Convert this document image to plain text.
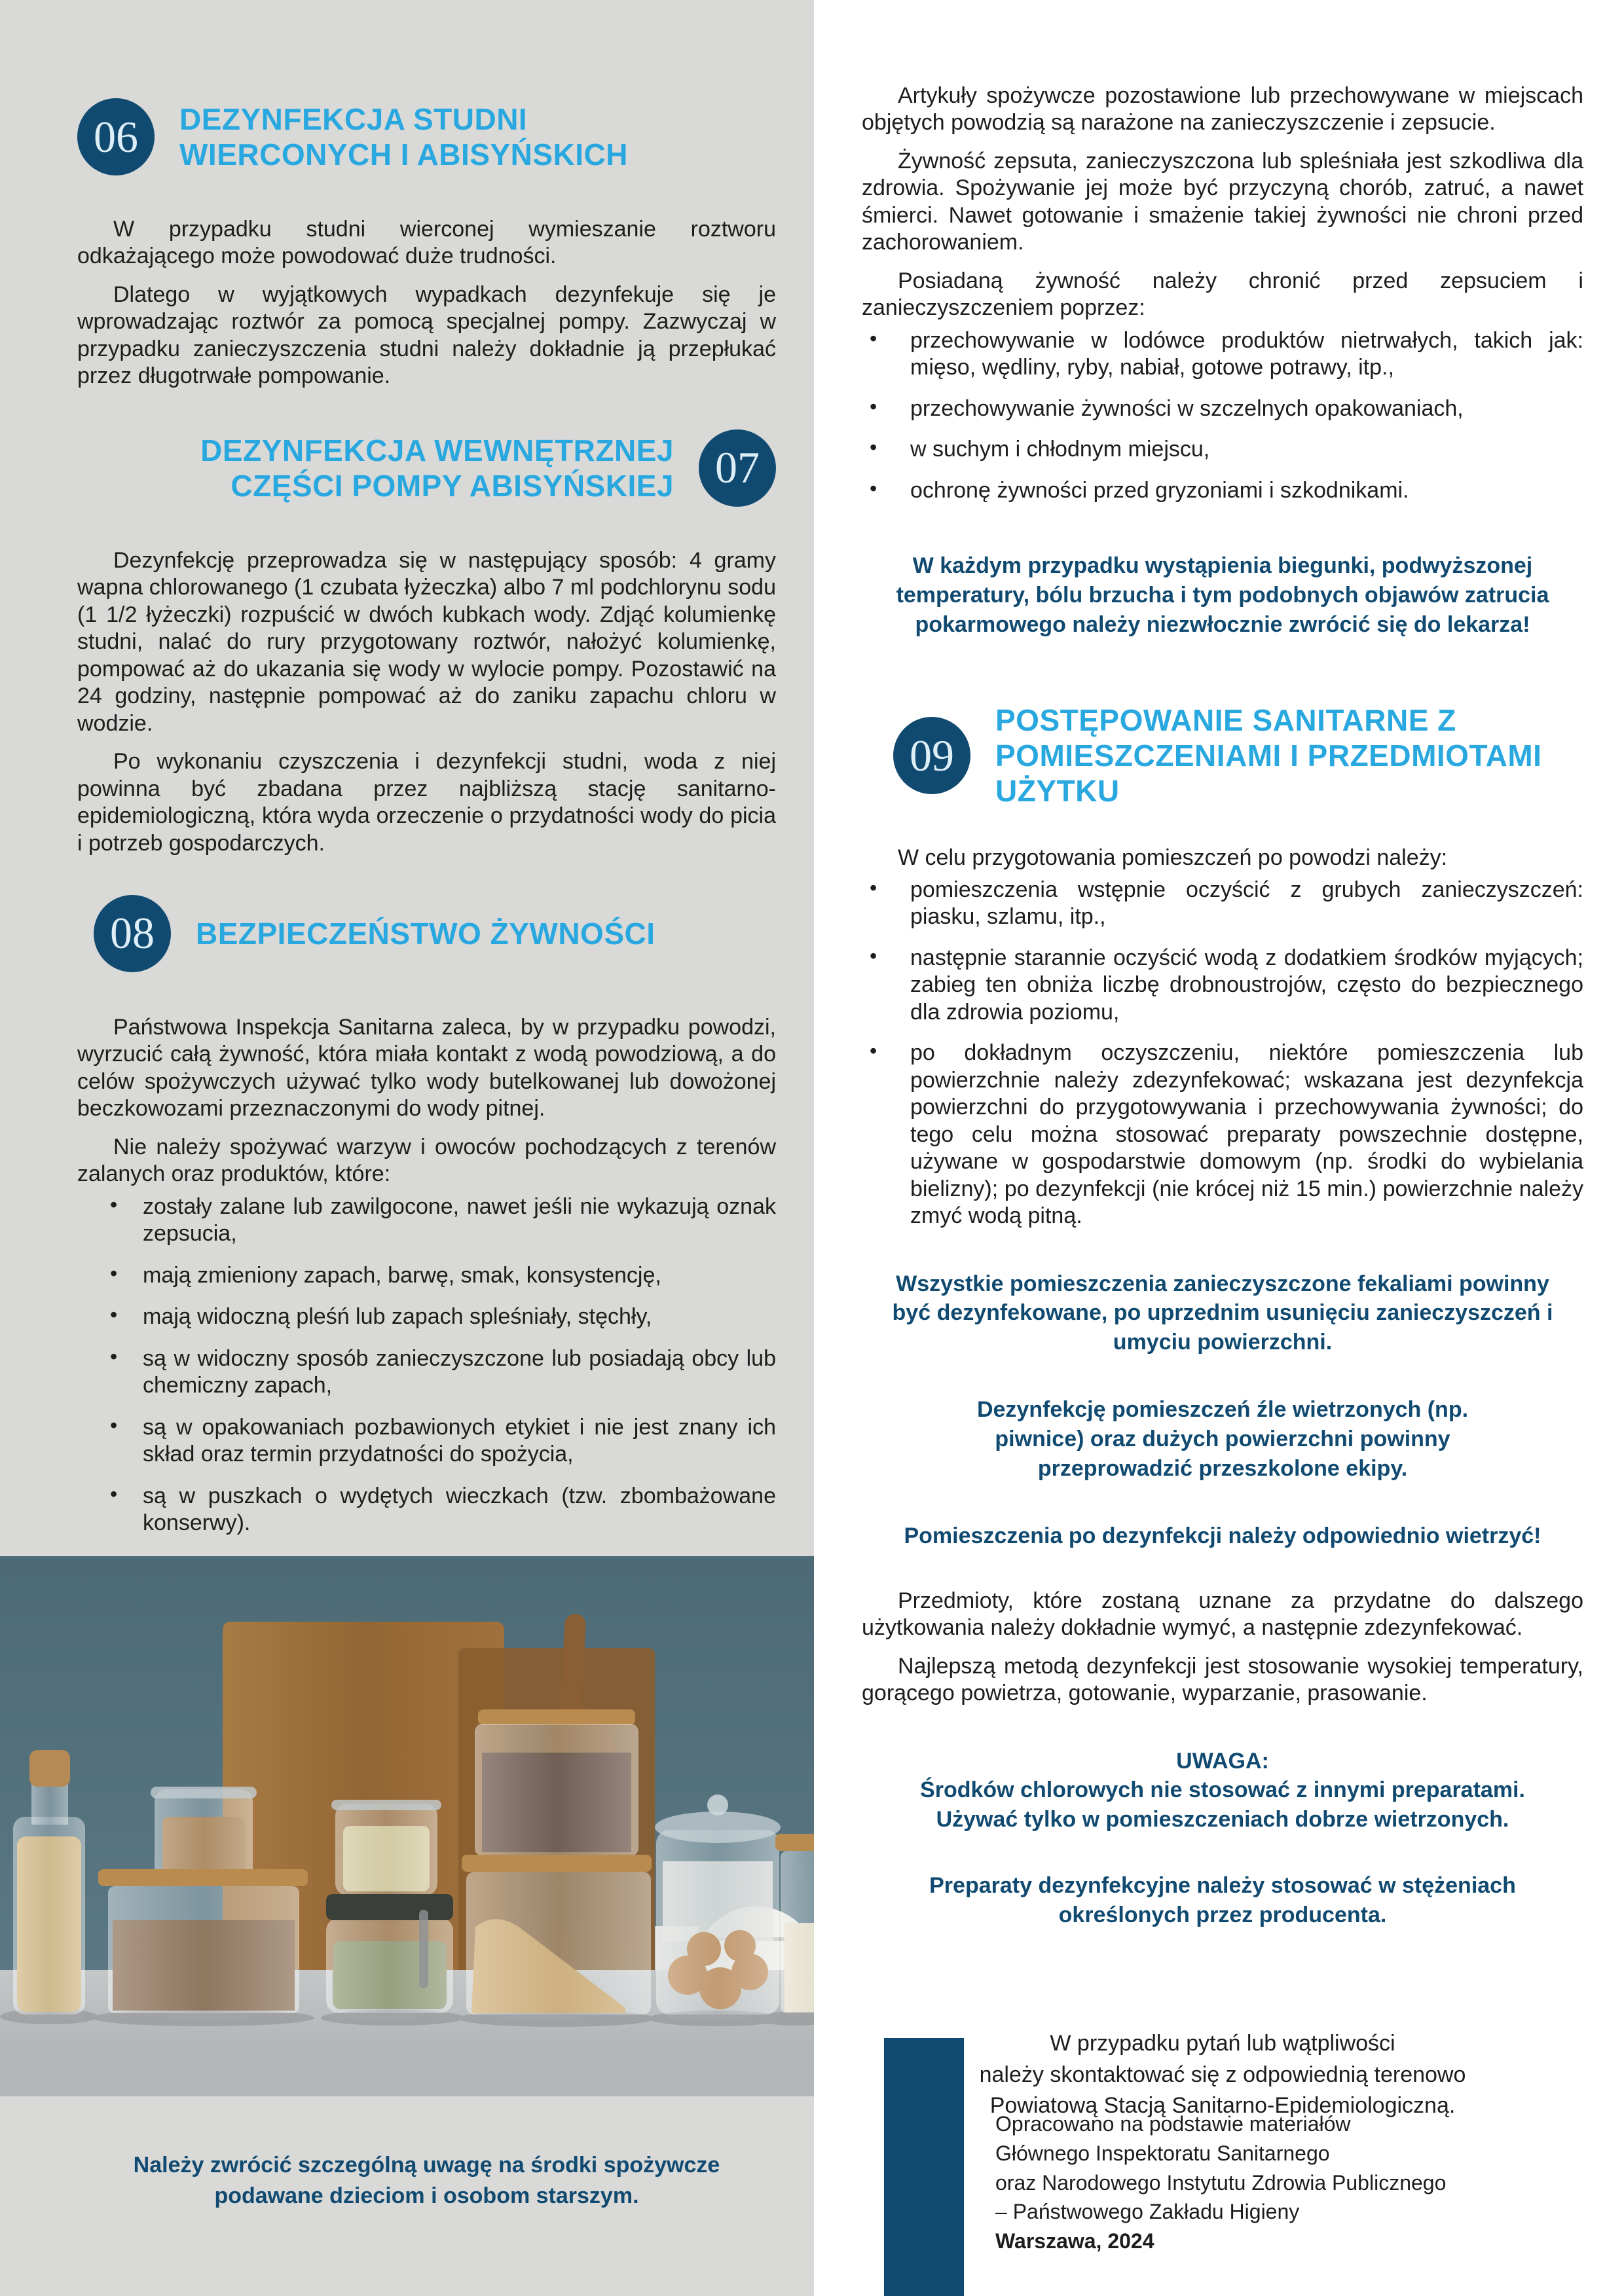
06 DEZYNFEKCJA STUDNI WIERCONYCH I ABISYŃSKICH

W przypadku studni wierconej wymieszanie roztworu odkażającego może powodować duże trudności.

Dlatego w wyjątkowych wypadkach dezynfekuje się je wprowadzając roztwór za pomocą specjalnej pompy. Zazwyczaj w przypadku zanieczyszczenia studni należy dokładnie ją przepłukać przez długotrwałe pompowanie.

DEZYNFEKCJA WEWNĘTRZNEJ CZĘŚCI POMPY ABISYŃSKIEJ 07

Dezynfekcję przeprowadza się w następujący sposób: 4 gramy wapna chlorowanego (1 czubata łyżeczka) albo 7 ml podchlorynu sodu (1 1/2 łyżeczki) rozpuścić w dwóch kubkach wody. Zdjąć kolumienkę studni, nalać do rury przygotowany roztwór, nałożyć kolumienkę, pompować aż do ukazania się wody w wylocie pompy. Pozostawić na 24 godziny, następnie pompować aż do zaniku zapachu chloru w wodzie.

Po wykonaniu czyszczenia i dezynfekcji studni, woda z niej powinna być zbadana przez najbliższą stację sanitarno-epidemiologiczną, która wyda orzeczenie o przydatności wody do picia i potrzeb gospodarczych.

08 BEZPIECZEŃSTWO ŻYWNOŚCI

Państwowa Inspekcja Sanitarna zaleca, by w przypadku powodzi, wyrzucić całą żywność, która miała kontakt z wodą powodziową, a do celów spożywczych używać tylko wody butelkowanej lub dowożonej beczkowozami przeznaczonymi do wody pitnej.

Nie należy spożywać warzyw i owoców pochodzących z terenów zalanych oraz produktów, które:

• zostały zalane lub zawilgocone, nawet jeśli nie wykazują oznak zepsucia,
• mają zmieniony zapach, barwę, smak, konsystencję,
• mają widoczną pleśń lub zapach spleśniały, stęchły,
• są w widoczny sposób zanieczyszczone lub posiadają obcy lub chemiczny zapach,
• są w opakowaniach pozbawionych etykiet i nie jest znany ich skład oraz termin przydatności do spożycia,
• są w puszkach o wydętych wieczkach (tzw. zbombażowane konserwy).
Należy zwrócić szczególną uwagę na środki spożywcze podawane dzieciom i osobom starszym.

Artykuły spożywcze pozostawione lub przechowywane w miejscach objętych powodzią są narażone na zanieczyszczenie i zepsucie.

Żywność zepsuta, zanieczyszczona lub spleśniała jest szkodliwa dla zdrowia. Spożywanie jej może być przyczyną chorób, zatruć, a nawet śmierci. Nawet gotowanie i smażenie takiej żywności nie chroni przed zachorowaniem.

Posiadaną żywność należy chronić przed zepsuciem i zanieczyszczeniem poprzez:

• przechowywanie w lodówce produktów nietrwałych, takich jak: mięso, wędliny, ryby, nabiał, gotowe potrawy, itp.,
• przechowywanie żywności w szczelnych opakowaniach,
• w suchym i chłodnym miejscu,
• ochronę żywności przed gryzoniami i szkodnikami.
W każdym przypadku wystąpienia biegunki, podwyższonej temperatury, bólu brzucha i tym podobnych objawów zatrucia pokarmowego należy niezwłocznie zwrócić się do lekarza!
09
POSTĘPOWANIE SANITARNE Z POMIESZCZENIAMI I PRZEDMIOTAMI UŻYTKU

W celu przygotowania pomieszczeń po powodzi należy:

• pomieszczenia wstępnie oczyścić z grubych zanieczyszczeń: piasku, szlamu, itp.,
• następnie starannie oczyścić wodą z dodatkiem środków myjących; zabieg ten obniża liczbę drobnoustrojów, często do bezpiecznego dla zdrowia poziomu,
• po dokładnym oczyszczeniu, niektóre pomieszczenia lub powierzchnie należy zdezynfekować; wskazana jest dezynfekcja powierzchni do przygotowywania i przechowywania żywności; do tego celu można stosować preparaty powszechnie dostępne, używane w gospodarstwie domowym (np. środki do wybielania bielizny); po dezynfekcji (nie krócej niż 15 min.) powierzchnie należy zmyć wodą pitną.
Wszystkie pomieszczenia zanieczyszczone fekaliami powinny być dezynfekowane, po uprzednim usunięciu zanieczyszczeń i umyciu powierzchni.
Dezynfekcję pomieszczeń źle wietrzonych (np. piwnice) oraz dużych powierzchni powinny przeprowadzić przeszkolone ekipy.
Pomieszczenia po dezynfekcji należy odpowiednio wietrzyć!

Przedmioty, które zostaną uznane za przydatne do dalszego użytkowania należy dokładnie wymyć, a następnie zdezynfekować.

Najlepszą metodą dezynfekcji jest stosowanie wysokiej temperatury, gorącego powietrza, gotowanie, wyparzanie, prasowanie.

UWAGA:
Środków chlorowych nie stosować z innymi preparatami.
Używać tylko w pomieszczeniach dobrze wietrzonych.
Preparaty dezynfekcyjne należy stosować w stężeniach określonych przez producenta.
W przypadku pytań lub wątpliwości
należy skontaktować się z odpowiednią terenowo
Powiatową Stacją Sanitarno-Epidemiologiczną.
Opracowano na podstawie materiałów
Głównego Inspektoratu Sanitarnego
oraz Narodowego Instytutu Zdrowia Publicznego
– Państwowego Zakładu Higieny
Warszawa, 2024
